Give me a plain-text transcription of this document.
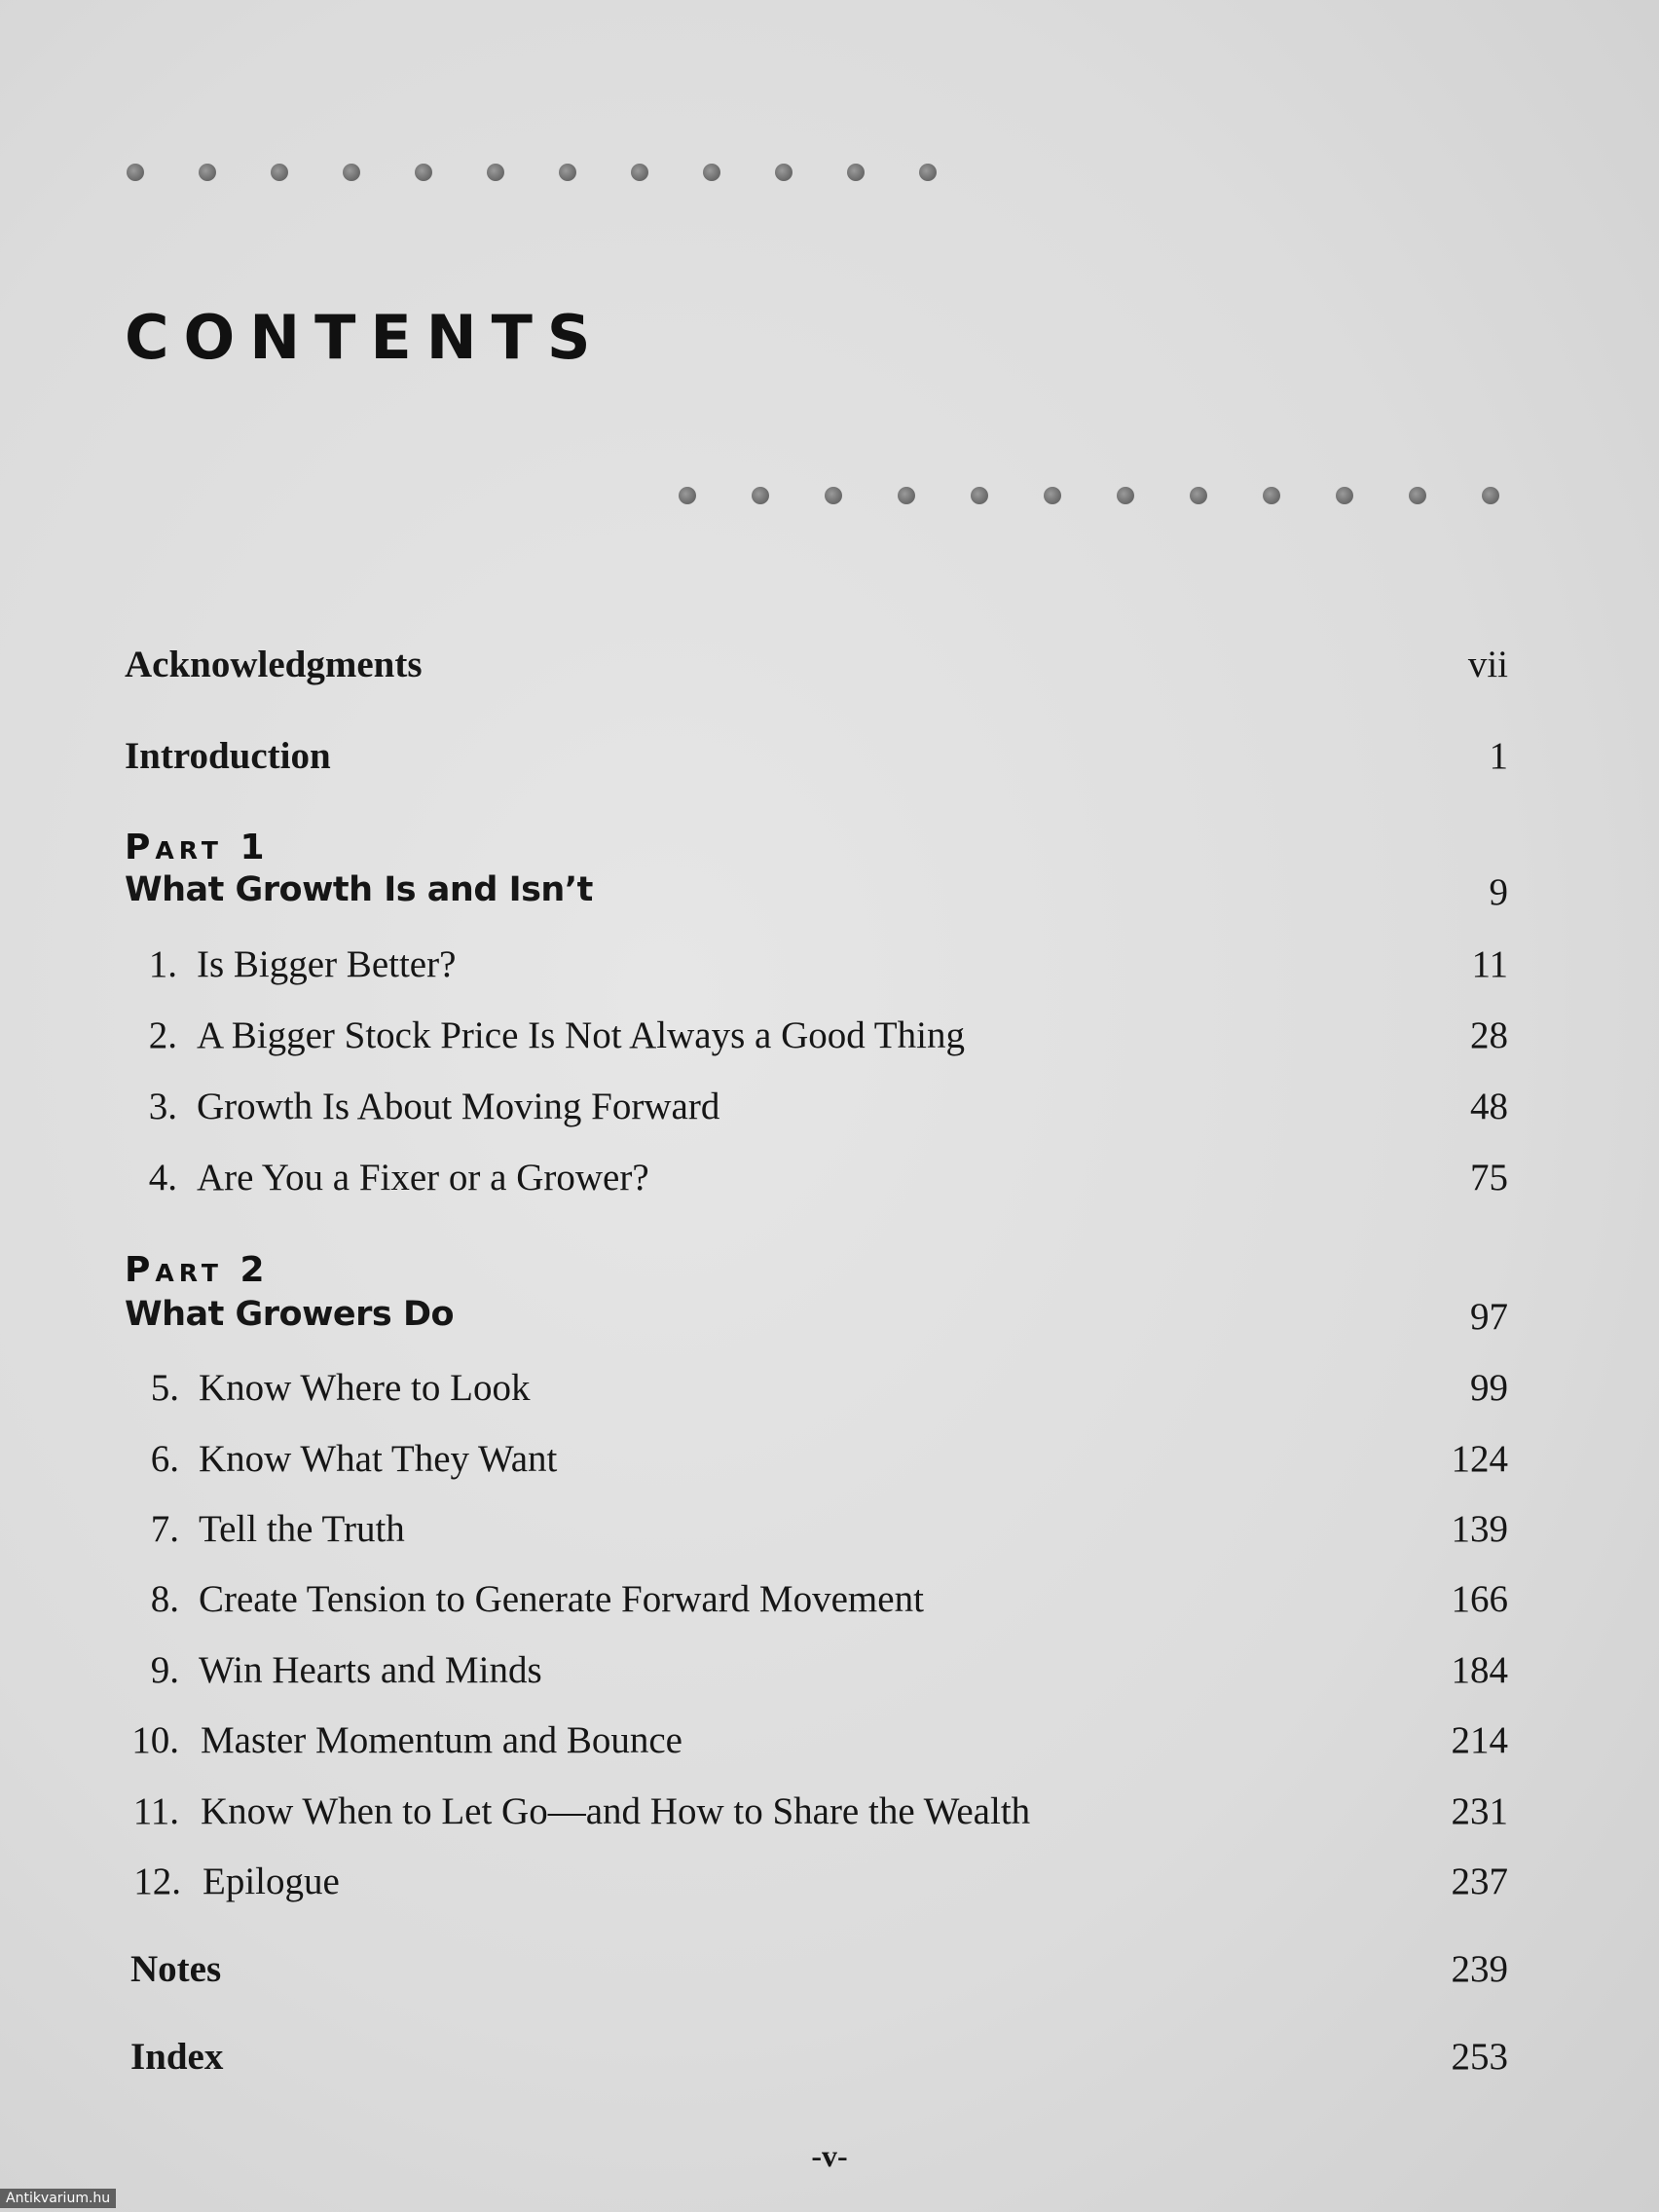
CONTENTS
Acknowledgments	vii
Introduction	1
Part 1
What Growth Is and Isn’t	9
1. Is Bigger Better?	11
2. A Bigger Stock Price Is Not Always a Good Thing	28
3. Growth Is About Moving Forward	48
4. Are You a Fixer or a Grower?	75
Part 2
What Growers Do	97
5. Know Where to Look	99
6. Know What They Want	124
7. Tell the Truth	139
8. Create Tension to Generate Forward Movement	166
9. Win Hearts and Minds	184
10. Master Momentum and Bounce	214
11. Know When to Let Go—and How to Share the Wealth	231
12. Epilogue	237
Notes	239
Index	253
-v-
Antikvarium.hu
